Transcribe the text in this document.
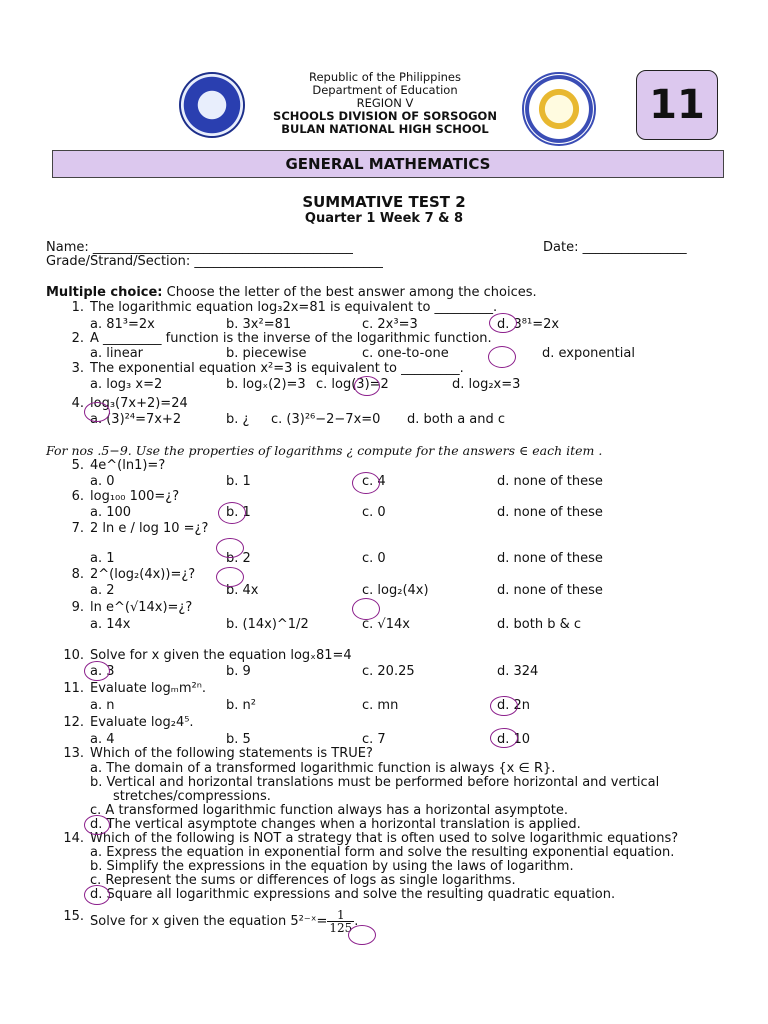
Republic of the Philippines
Department of Education
REGION V
SCHOOLS DIVISION OF SORSOGON
BULAN NATIONAL HIGH SCHOOL
11
GENERAL MATHEMATICS
SUMMATIVE TEST 2
Quarter 1 Week 7 & 8
Name: ________________________________________	Date: ________________
Grade/Strand/Section: _____________________________
Multiple choice: Choose the letter of the best answer among the choices.
1. The logarithmic equation log₃2x=81 is equivalent to _________.
a. 81³=2x	b. 3x²=81	c. 2x³=3	d. 3⁸¹=2x
2. A _________ function is the inverse of the logarithmic function.
a. linear	b. piecewise	c. one-to-one	d. exponential
3. The exponential equation x²=3 is equivalent to _________.
a. log₃ x=2	b. logₓ(2)=3 c. log(3)=2	d. log₂x=3
4. log₃(7x+2)=24
a. (3)²⁴=7x+2	b. ¿ c. (3)²⁶−2−7x=0 d. both a and c
5. 4e^(ln1)=?
a. 0	b. 1	c. 4	d. none of these
6. log₁₀₀ 100=¿?
a. 100	b. 1	c. 0	d. none of these
7. 2 ln e / log 10 =¿?
a. 1	b. 2	c. 0	d. none of these
8. 2^(log₂(4x))=¿?
a. 2	b. 4x	c. log₂(4x)	d. none of these
9. ln e^(√14x)=¿?
a. 14x	b. (14x)^1/2	c. √14x	d. both b & c
10. Solve for x given the equation logₓ81=4
a. 3	b. 9	c. 20.25	d. 324
11. Evaluate logₘm²ⁿ.
a. n	b. n²	c. mn	d. 2n
12. Evaluate log₂4⁵.
a. 4	b. 5	c. 7	d. 10
13. Which of the following statements is TRUE?
a. The domain of a transformed logarithmic function is always {x ∈ R}.
b. Vertical and horizontal translations must be performed before horizontal and vertical
stretches/compressions.
c. A transformed logarithmic function always has a horizontal asymptote.
d. The vertical asymptote changes when a horizontal translation is applied.
14. Which of the following is NOT a strategy that is often used to solve logarithmic equations?
a. Express the equation in exponential form and solve the resulting exponential equation.
b. Simplify the expressions in the equation by using the laws of logarithm.
c. Represent the sums or differences of logs as single logarithms.
d. Square all logarithmic expressions and solve the resulting quadratic equation.
15. Solve for x given the equation 5²⁻ˣ= $\frac{1}{125}$ .
For nos .5−9. Use the properties of logarithms ¿ compute for the answers ∈ each item .
